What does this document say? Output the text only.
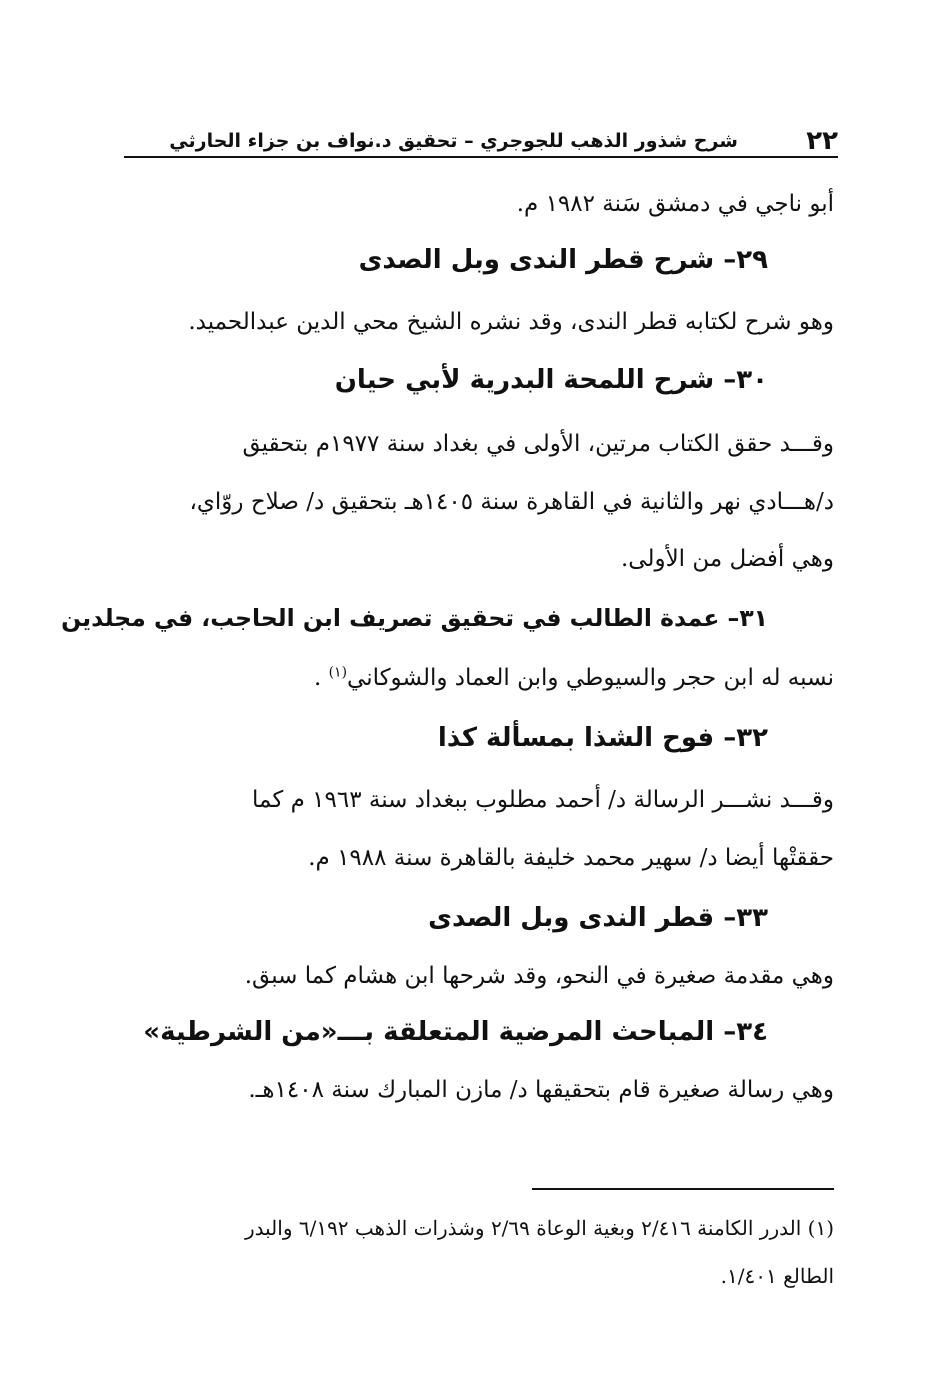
٢٢
شرح شذور الذهب للجوجري – تحقيق د.نواف بن جزاء الحارثي
أبو ناجي في دمشق سَنة ١٩٨٢ م.
٢٩– شرح قطر الندى وبل الصدى
وهو شرح لكتابه قطر الندى، وقد نشره الشيخ محي الدين عبدالحميد.
٣٠– شرح اللمحة البدرية لأبي حيان
وقـــد حقق الكتاب مرتين، الأولى في بغداد سنة ١٩٧٧م بتحقيق
د/هـــادي نهر والثانية في القاهرة سنة ١٤٠٥هـ بتحقيق د/ صلاح روّاي،
وهي أفضل من الأولى.
٣١– عمدة الطالب في تحقيق تصريف ابن الحاجب، في مجلدين
نسبه له ابن حجر والسيوطي وابن العماد والشوكاني$^{(١)}$ .
٣٢– فوح الشذا بمسألة كذا
وقـــد نشـــر الرسالة د/ أحمد مطلوب ببغداد سنة ١٩٦٣ م كما
حققتْها أيضا د/ سهير محمد خليفة بالقاهرة سنة ١٩٨٨ م.
٣٣– قطر الندى وبل الصدى
وهي مقدمة صغيرة في النحو، وقد شرحها ابن هشام كما سبق.
٣٤– المباحث المرضية المتعلقة بـــ«من الشرطية»
وهي رسالة صغيرة قام بتحقيقها د/ مازن المبارك سنة ١٤٠٨هـ.
(١) الدرر الكامنة ٢/٤١٦ وبغية الوعاة ٢/٦٩ وشذرات الذهب ٦/١٩٢ والبدر
الطالع ١/٤٠١.
